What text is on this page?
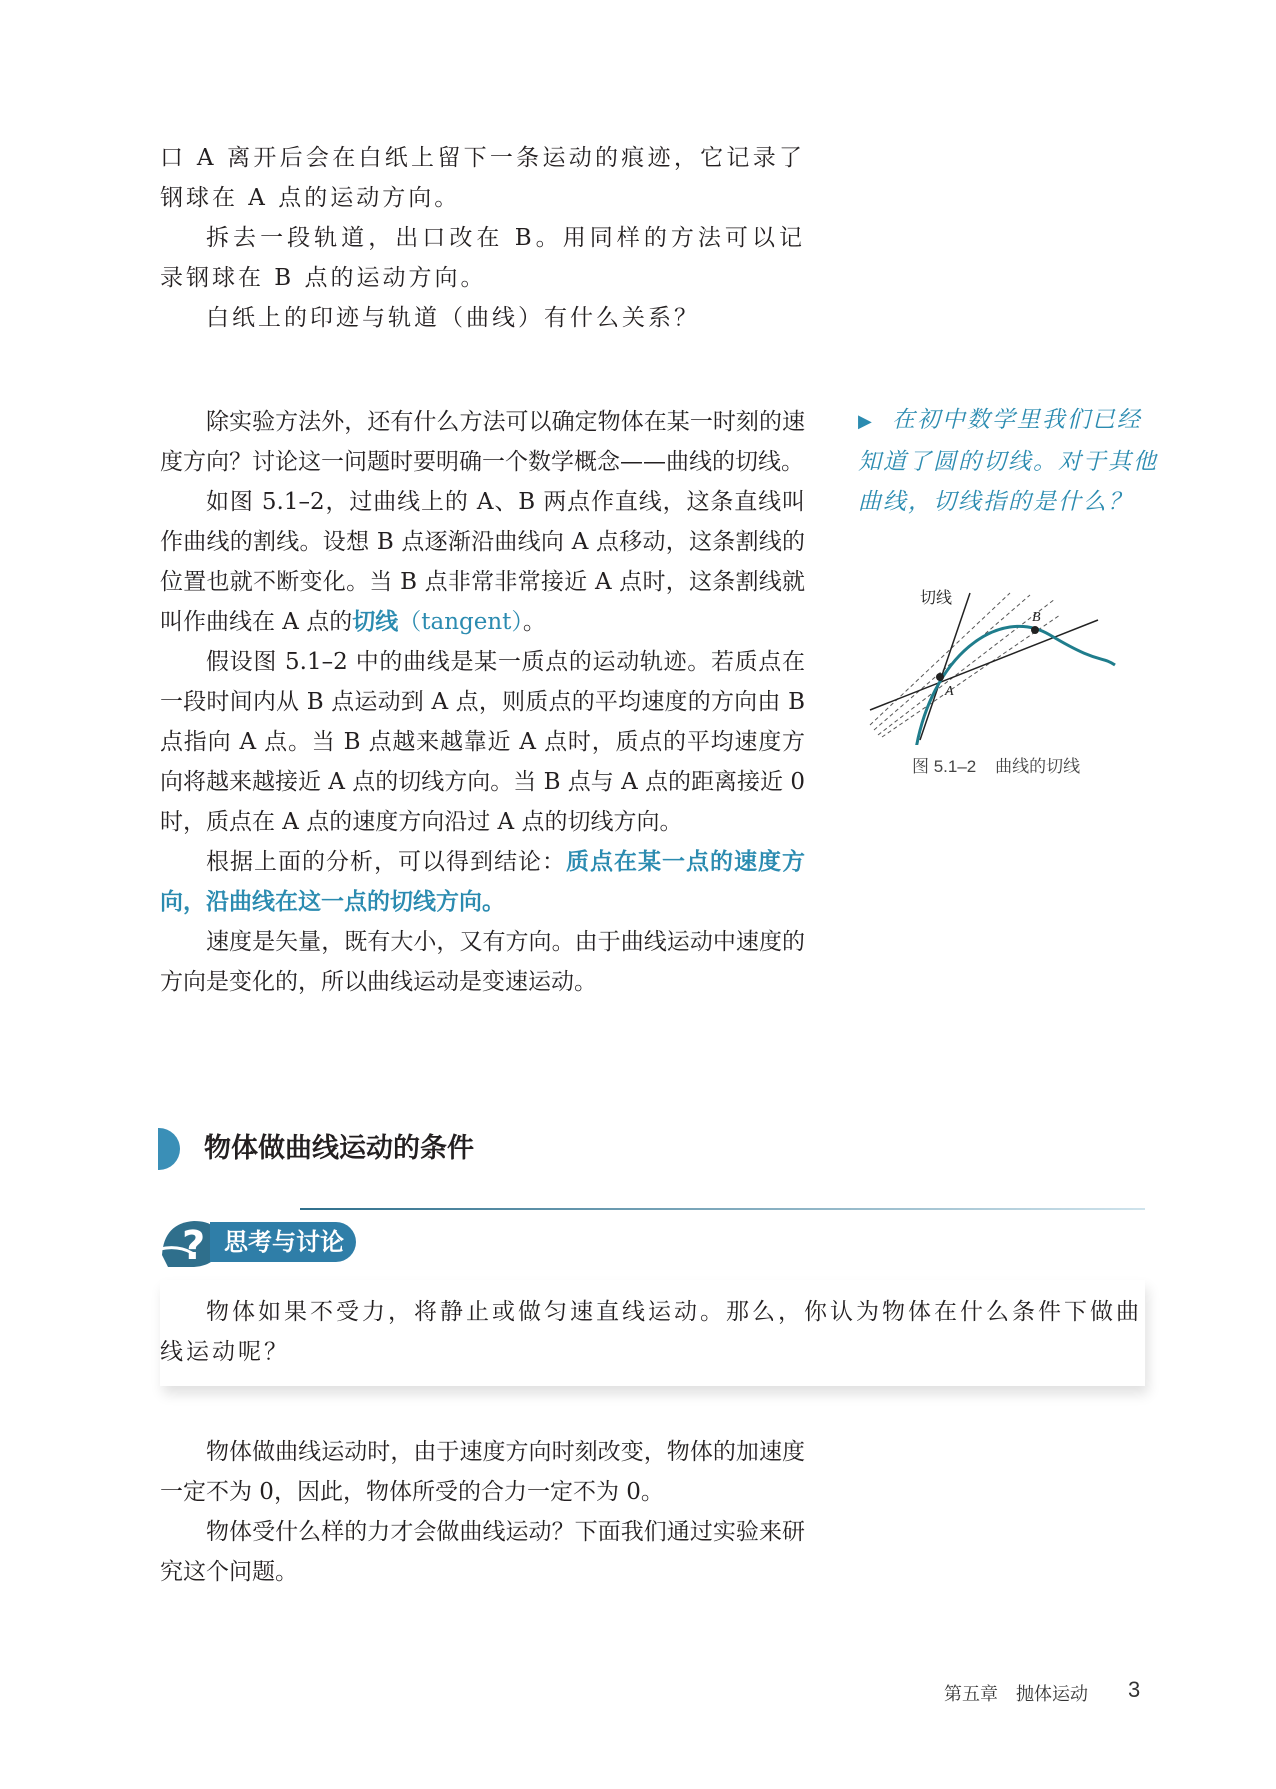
口 A 离开后会在白纸上留下一条运动的痕迹，它记录了钢球在 A 点的运动方向。

拆去一段轨道，出口改在 B。用同样的方法可以记录钢球在 B 点的运动方向。

白纸上的印迹与轨道（曲线）有什么关系？

除实验方法外，还有什么方法可以确定物体在某一时刻的速度方向？讨论这一问题时要明确一个数学概念——曲线的切线。

如图 5.1–2，过曲线上的 A、B 两点作直线，这条直线叫作曲线的割线。设想 B 点逐渐沿曲线向 A 点移动，这条割线的位置也就不断变化。当 B 点非常非常接近 A 点时，这条割线就叫作曲线在 A 点的切线（tangent）。

假设图 5.1–2 中的曲线是某一质点的运动轨迹。若质点在一段时间内从 B 点运动到 A 点，则质点的平均速度的方向由 B 点指向 A 点。当 B 点越来越靠近 A 点时，质点的平均速度方向将越来越接近 A 点的切线方向。当 B 点与 A 点的距离接近 0 时，质点在 A 点的速度方向沿过 A 点的切线方向。

根据上面的分析，可以得到结论：质点在某一点的速度方向，沿曲线在这一点的切线方向。

速度是矢量，既有大小，又有方向。由于曲线运动中速度的方向是变化的，所以曲线运动是变速运动。

▶ 在初中数学里我们已经知道了圆的切线。对于其他曲线，切线指的是什么？
切线
A
B
图 5.1–2 曲线的切线
物体做曲线运动的条件
? 思考与讨论

物体如果不受力，将静止或做匀速直线运动。那么，你认为物体在什么条件下做曲线运动呢？

物体做曲线运动时，由于速度方向时刻改变，物体的加速度一定不为 0，因此，物体所受的合力一定不为 0。

物体受什么样的力才会做曲线运动？下面我们通过实验来研究这个问题。

第五章　抛体运动 3
